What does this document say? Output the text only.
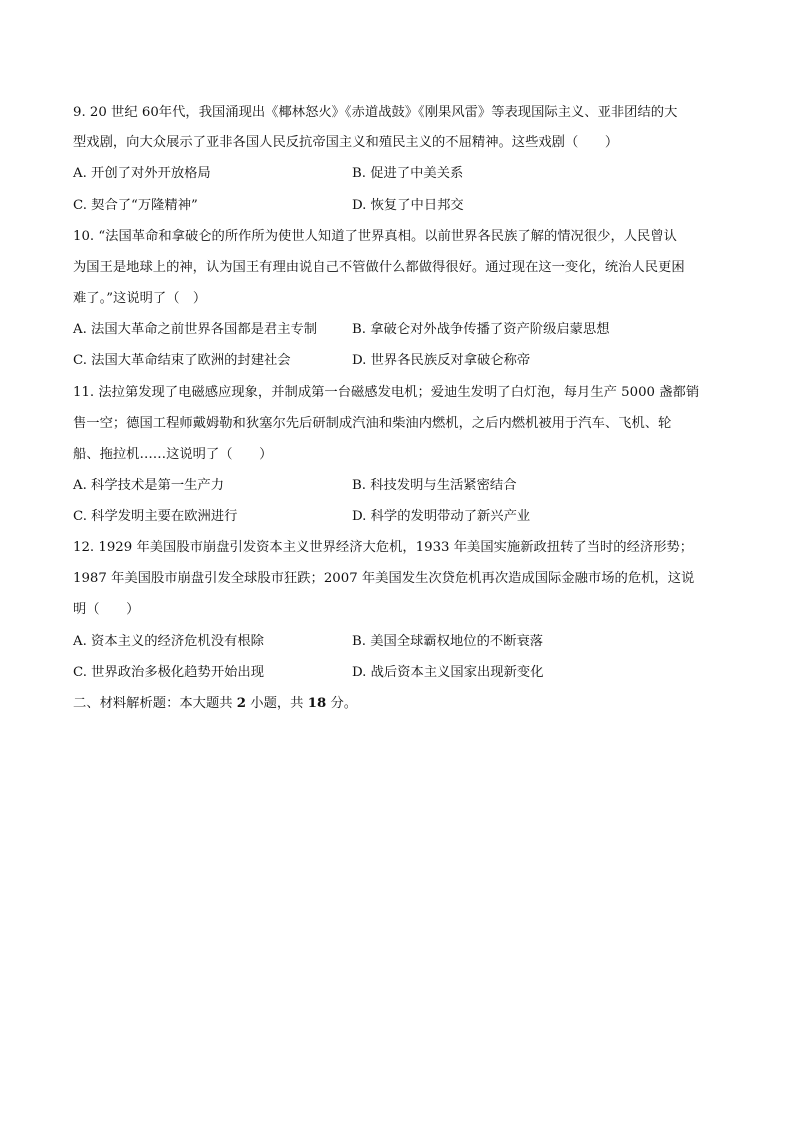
9. 20 世纪 60年代，我国涌现出《椰林怒火》《赤道战鼓》《刚果风雷》等表现国际主义、亚非团结的大
型戏剧，向大众展示了亚非各国人民反抗帝国主义和殖民主义的不屈精神。这些戏剧（　　）
A. 开创了对外开放格局	B. 促进了中美关系
C. 契合了“万隆精神”	D. 恢复了中日邦交
10. “法国革命和拿破仑的所作所为使世人知道了世界真相。以前世界各民族了解的情况很少，人民曾认
为国王是地球上的神，认为国王有理由说自己不管做什么都做得很好。通过现在这一变化，统治人民更困
难了。”这说明了（　）
A. 法国大革命之前世界各国都是君主专制	B. 拿破仑对外战争传播了资产阶级启蒙思想
C. 法国大革命结束了欧洲的封建社会	D. 世界各民族反对拿破仑称帝
11. 法拉第发现了电磁感应现象，并制成第一台磁感发电机；爱迪生发明了白灯泡，每月生产 5000 盏都销
售一空；德国工程师戴姆勒和狄塞尔先后研制成汽油和柴油内燃机，之后内燃机被用于汽车、飞机、轮
船、拖拉机……这说明了（　　）
A. 科学技术是第一生产力	B. 科技发明与生活紧密结合
C. 科学发明主要在欧洲进行	D. 科学的发明带动了新兴产业
12. 1929 年美国股市崩盘引发资本主义世界经济大危机，1933 年美国实施新政扭转了当时的经济形势；
1987 年美国股市崩盘引发全球股市狂跌；2007 年美国发生次贷危机再次造成国际金融市场的危机，这说
明（　　）
A. 资本主义的经济危机没有根除	B. 美国全球霸权地位的不断衰落
C. 世界政治多极化趋势开始出现	D. 战后资本主义国家出现新变化
二、材料解析题：本大题共 2 小题，共 18 分。
